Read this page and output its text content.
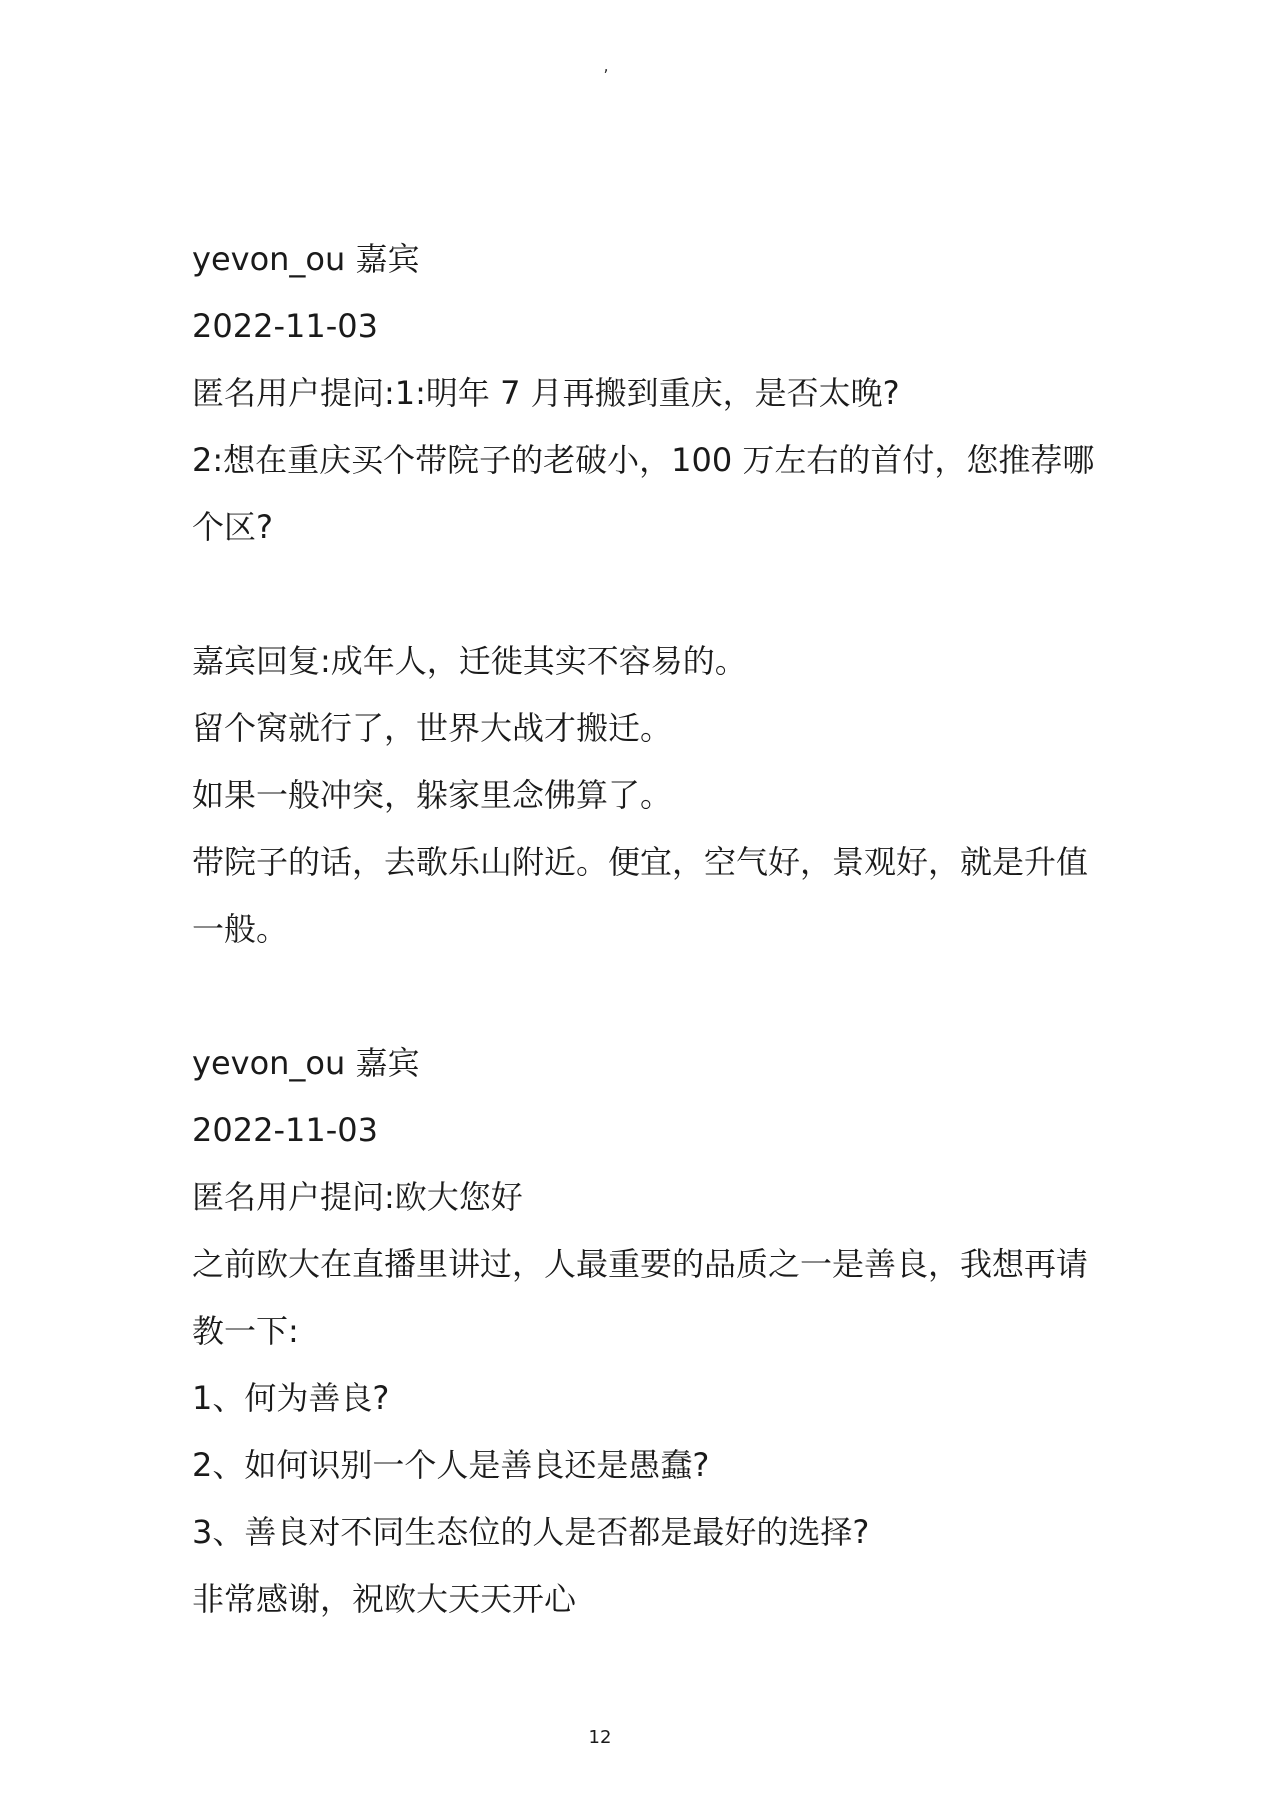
,
yevon_ou 嘉宾
2022-11-03
匿名用户提问:1:明年 7 月再搬到重庆，是否太晚?
2:想在重庆买个带院子的老破小，100 万左右的首付，您推荐哪
个区?
嘉宾回复:成年人，迁徙其实不容易的。
留个窝就行了，世界大战才搬迁。
如果一般冲突，躲家里念佛算了。
带院子的话，去歌乐山附近。便宜，空气好，景观好，就是升值
一般。
yevon_ou 嘉宾
2022-11-03
匿名用户提问:欧大您好
之前欧大在直播里讲过，人最重要的品质之一是善良，我想再请
教一下:
1、何为善良?
2、如何识别一个人是善良还是愚蠢?
3、善良对不同生态位的人是否都是最好的选择?
非常感谢，祝欧大天天开心
12
